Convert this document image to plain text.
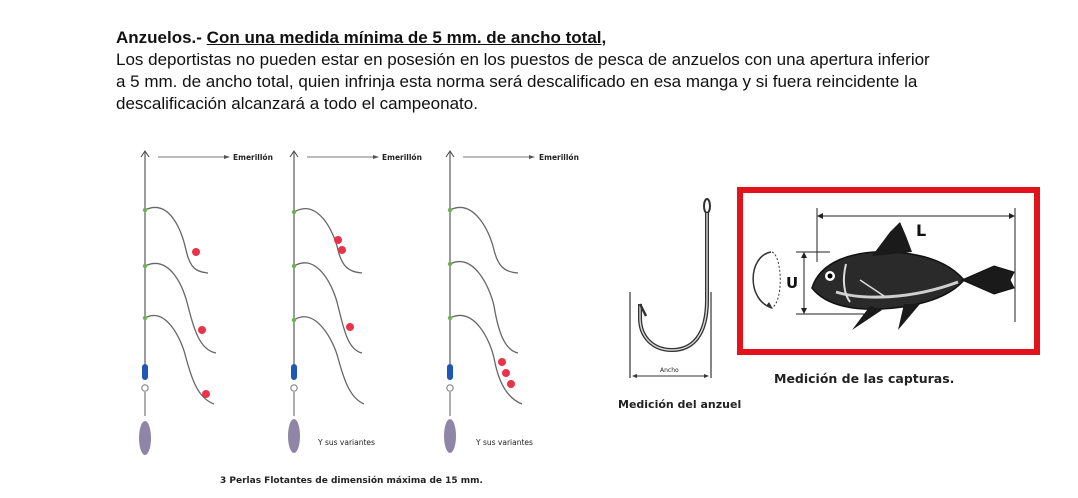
Anzuelos.- Con una medida mínima de 5 mm. de ancho total,

Los deportistas no pueden estar en posesión en los puestos de pesca de anzuelos con una apertura inferior

a 5 mm. de ancho total, quien infrinja esta norma será descalificado en esa manga y si fuera reincidente la

descalificación alcanzará a todo el campeonato.

Emerillón	Emerillón
Y sus variantes
Emerillón
Y sus variantes
3 Perlas Flotantes de dimensión máxima de 15 mm.
Ancho
Medición del anzuel
L
U
Medición de las capturas.
